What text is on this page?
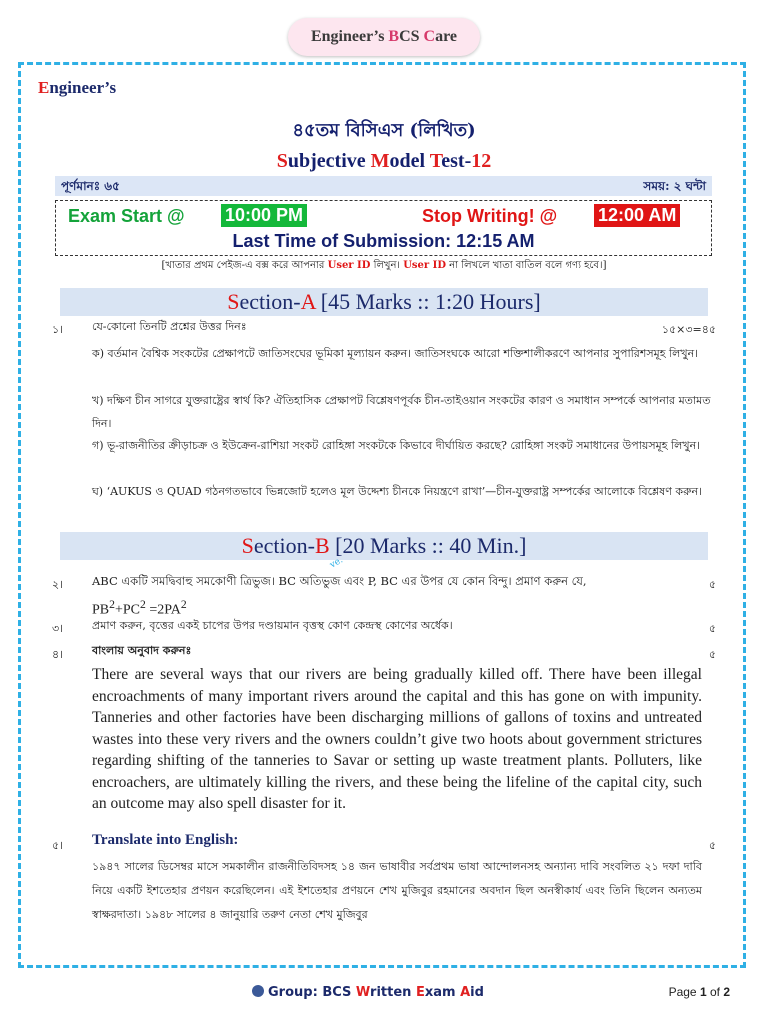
Engineer’s BCS Care
Engineer’s
৪৫তম বিসিএস (লিখিত)
Subjective Model Test-12
পূর্ণমানঃ ৬৫	সময়: ২ ঘন্টা
Exam Start @ 10:00 PM	Stop Writing! @ 12:00 AM
Last Time of Submission: 12:15 AM
[খাতার প্রথম পেইজ-এ বক্স করে আপনার User ID লিখুন। User ID না লিখলে খাতা বাতিল বলে গণ্য হবে।]
Section-A [45 Marks :: 1:20 Hours]
১।	যে-কোনো তিনটি প্রশ্নের উত্তর দিনঃ	১৫×৩=৪৫
ক) বর্তমান বৈশ্বিক সংকটের প্রেক্ষাপটে জাতিসংঘের ভূমিকা মূল্যায়ন করুন। জাতিসংঘকে আরো শক্তিশালীকরণে আপনার সুপারিশসমূহ লিখুন।
খ) দক্ষিণ চীন সাগরে যুক্তরাষ্ট্রের স্বার্থ কি? ঐতিহাসিক প্রেক্ষাপট বিশ্লেষণপূর্বক চীন-তাইওয়ান সংকটের কারণ ও সমাধান সম্পর্কে আপনার মতামত দিন।
গ) ভূ-রাজনীতির ক্রীড়াচক্র ও ইউক্রেন-রাশিয়া সংকট রোহিঙ্গা সংকটকে কিভাবে দীর্ঘায়িত করছে? রোহিঙ্গা সংকট সমাধানের উপায়সমূহ লিখুন।
ঘ) ‘AUKUS ও QUAD গঠনগতভাবে ভিন্নজোট হলেও মূল উদ্দেশ্য চীনকে নিয়ন্ত্রণে রাখা’—চীন-যুক্তরাষ্ট্র সম্পর্কের আলোকে বিশ্লেষণ করুন।
Section-B [20 Marks :: 40 Min.]
ve.
২।	ABC একটি সমদ্বিবাহু সমকোণী ত্রিভুজ। BC অতিভুজ এবং P, BC এর উপর যে কোন বিন্দু। প্রমাণ করুন যে,	৫
$PB^2+PC^2 =2PA^2$
৩।	প্রমাণ করুন, বৃত্তের একই চাপের উপর দণ্ডায়মান বৃত্তস্থ কোণ কেন্দ্রস্থ কোণের অর্ধেক।	৫
৪।	বাংলায় অনুবাদ করুনঃ	৫
There are several ways that our rivers are being gradually killed off. There have been illegal encroachments of many important rivers around the capital and this has gone on with impunity. Tanneries and other factories have been discharging millions of gallons of toxins and untreated wastes into these very rivers and the owners couldn’t give two hoots about government strictures regarding shifting of the tanneries to Savar or setting up waste treatment plants. Polluters, like encroachers, are ultimately killing the rivers, and these being the lifeline of the capital city, such an outcome may also spell disaster for it.
৫। Translate into English:	৫
১৯৪৭ সালের ডিসেম্বর মাসে সমকালীন রাজনীতিবিদসহ ১৪ জন ভাষাবীর সর্বপ্রথম ভাষা আন্দোলনসহ অন্যান্য দাবি সংবলিত ২১ দফা দাবি নিয়ে একটি ইশতেহার প্রণয়ন করেছিলেন। এই ইশতেহার প্রণয়নে শেখ মুজিবুর রহমানের অবদান ছিল অনস্বীকার্য এবং তিনি ছিলেন অন্যতম স্বাক্ষরদাতা। ১৯৪৮ সালের ৪ জানুয়ারি তরুণ নেতা শেখ মুজিবুর
Group: BCS Written Exam Aid	Page 1 of 2
